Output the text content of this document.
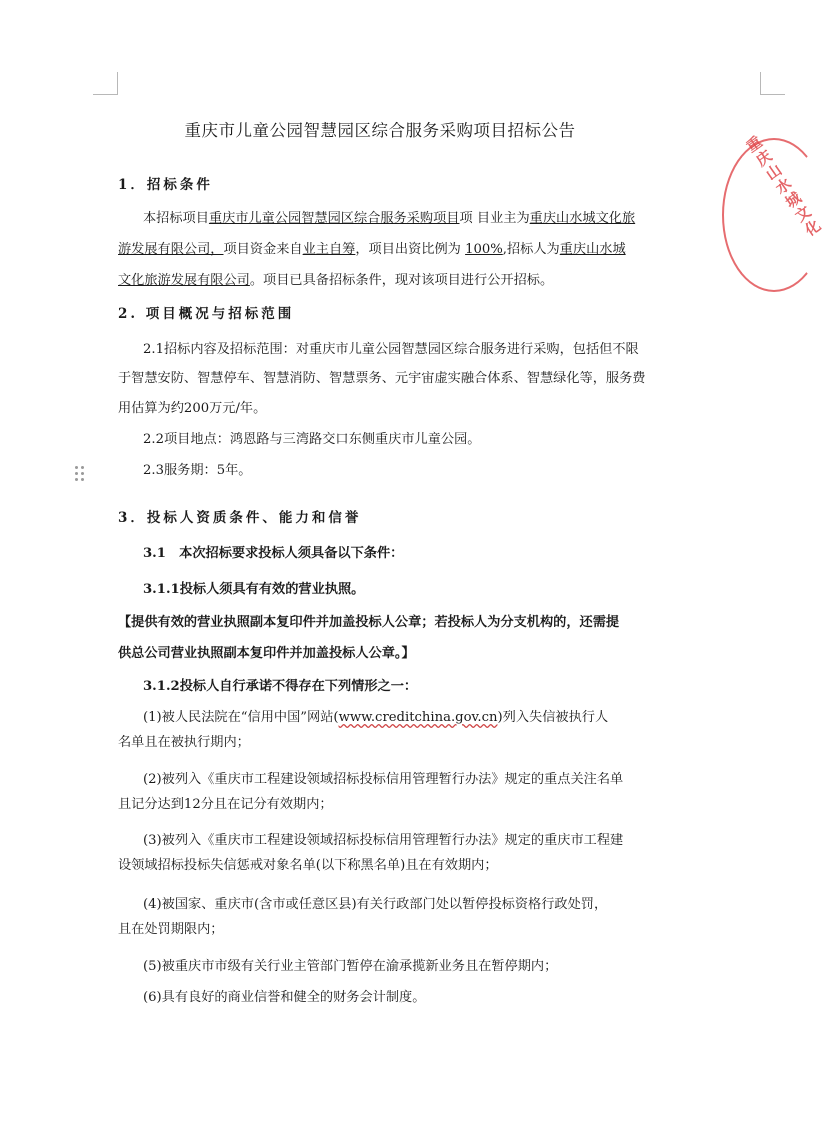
重庆山水城文化
重庆市儿童公园智慧园区综合服务采购项目招标公告
1．招标条件
本招标项目重庆市儿童公园智慧园区综合服务采购项目项 目业主为重庆山水城文化旅
游发展有限公司，项目资金来自业主自筹，项目出资比例为 100%,招标人为重庆山水城
文化旅游发展有限公司。项目已具备招标条件，现对该项目进行公开招标。
2. 项目概况与招标范围
2.1招标内容及招标范围：对重庆市儿童公园智慧园区综合服务进行采购，包括但不限
于智慧安防、智慧停车、智慧消防、智慧票务、元宇宙虚实融合体系、智慧绿化等，服务费
用估算为约200万元/年。
2.2项目地点：鸿恩路与三湾路交口东侧重庆市儿童公园。
2.3服务期：5年。
3．投标人资质条件、能力和信誉
3.1　本次招标要求投标人须具备以下条件：
3.1.1投标人须具有有效的营业执照。
【提供有效的营业执照副本复印件并加盖投标人公章；若投标人为分支机构的，还需提
供总公司营业执照副本复印件并加盖投标人公章。】
3.1.2投标人自行承诺不得存在下列情形之一：
(1)被人民法院在“信用中国”网站(www.creditchina.gov.cn)列入失信被执行人
名单且在被执行期内；
(2)被列入《重庆市工程建设领域招标投标信用管理暂行办法》规定的重点关注名单
且记分达到12分且在记分有效期内；
(3)被列入《重庆市工程建设领域招标投标信用管理暂行办法》规定的重庆市工程建
设领域招标投标失信惩戒对象名单(以下称黑名单)且在有效期内；
(4)被国家、重庆市(含市或任意区县)有关行政部门处以暂停投标资格行政处罚，
且在处罚期限内；
(5)被重庆市市级有关行业主管部门暂停在渝承揽新业务且在暂停期内；
(6)具有良好的商业信誉和健全的财务会计制度。
